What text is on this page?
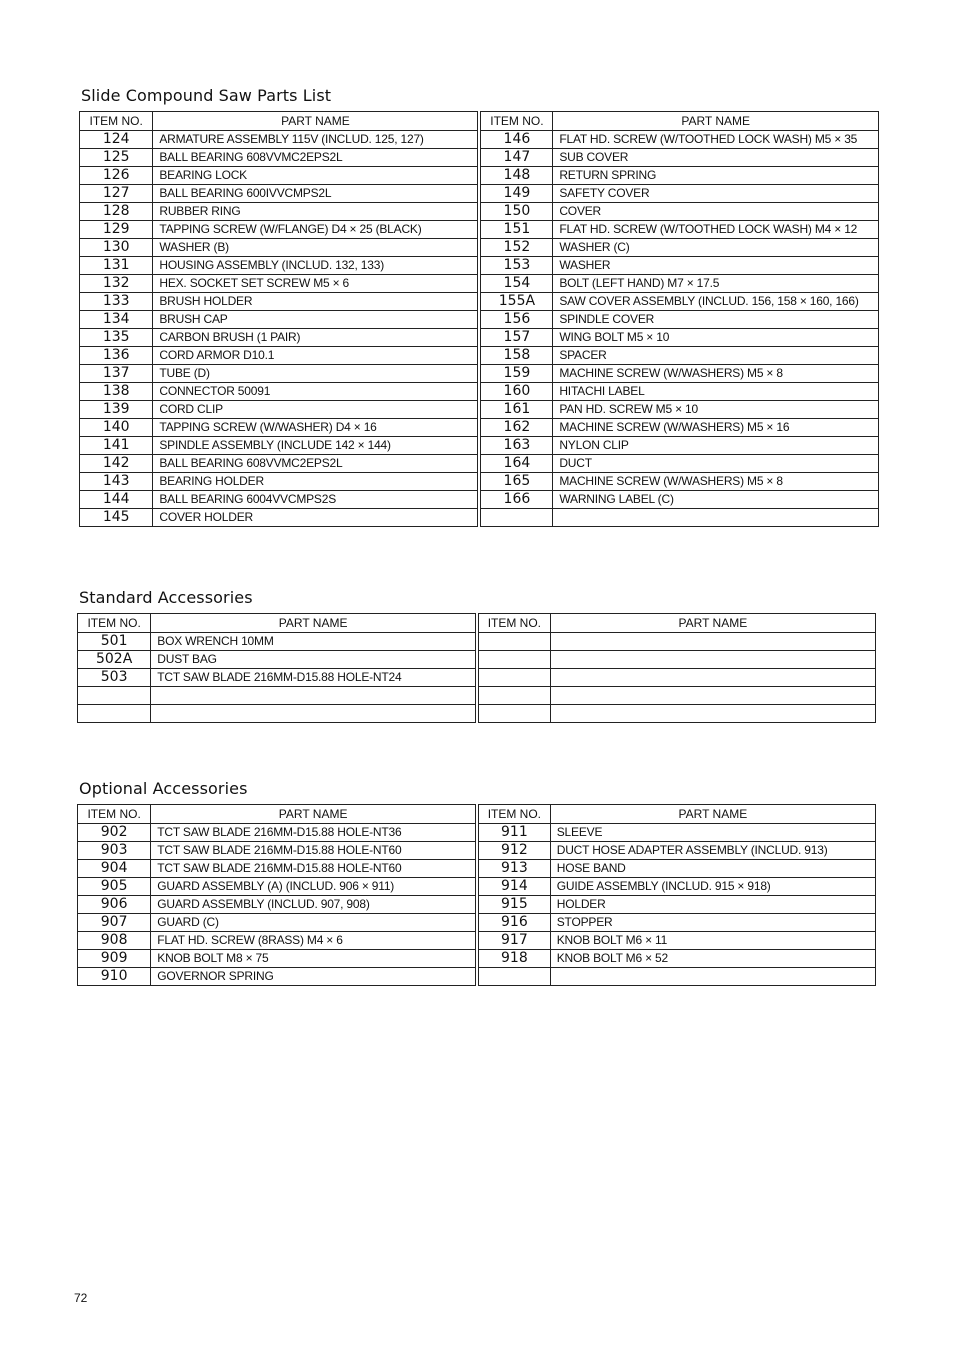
Slide Compound Saw Parts List
ITEM NO.	PART NAME	ITEM NO.	PART NAME
124	ARMATURE ASSEMBLY 115V (INCLUD. 125, 127)	146	FLAT HD. SCREW (W/TOOTHED LOCK WASH) M5 × 35
125	BALL BEARING 608VVMC2EPS2L	147	SUB COVER
126	BEARING LOCK	148	RETURN SPRING
127	BALL BEARING 600IVVCMPS2L	149	SAFETY COVER
128	RUBBER RING	150	COVER
129	TAPPING SCREW (W/FLANGE) D4 × 25 (BLACK)	151	FLAT HD. SCREW (W/TOOTHED LOCK WASH) M4 × 12
130	WASHER (B)	152	WASHER (C)
131	HOUSING ASSEMBLY (INCLUD. 132, 133)	153	WASHER
132	HEX. SOCKET SET SCREW M5 × 6	154	BOLT (LEFT HAND) M7 × 17.5
133	BRUSH HOLDER	155A	SAW COVER ASSEMBLY (INCLUD. 156, 158 × 160, 166)
134	BRUSH CAP	156	SPINDLE COVER
135	CARBON BRUSH (1 PAIR)	157	WING BOLT M5 × 10
136	CORD ARMOR D10.1	158	SPACER
137	TUBE (D)	159	MACHINE SCREW (W/WASHERS) M5 × 8
138	CONNECTOR 50091	160	HITACHI LABEL
139	CORD CLIP	161	PAN HD. SCREW M5 × 10
140	TAPPING SCREW (W/WASHER) D4 × 16	162	MACHINE SCREW (W/WASHERS) M5 × 16
141	SPINDLE ASSEMBLY (INCLUDE 142 × 144)	163	NYLON CLIP
142	BALL BEARING 608VVMC2EPS2L	164	DUCT
143	BEARING HOLDER	165	MACHINE SCREW (W/WASHERS) M5 × 8
144	BALL BEARING 6004VVCMPS2S	166	WARNING LABEL (C)
145	COVER HOLDER		
Standard Accessories
ITEM NO.	PART NAME	ITEM NO.	PART NAME
501	BOX WRENCH 10MM		
502A	DUST BAG		
503	TCT SAW BLADE 216MM-D15.88 HOLE-NT24		

Optional Accessories
ITEM NO.	PART NAME	ITEM NO.	PART NAME
902	TCT SAW BLADE 216MM-D15.88 HOLE-NT36	911	SLEEVE
903	TCT SAW BLADE 216MM-D15.88 HOLE-NT60	912	DUCT HOSE ADAPTER ASSEMBLY (INCLUD. 913)
904	TCT SAW BLADE 216MM-D15.88 HOLE-NT60	913	HOSE BAND
905	GUARD ASSEMBLY (A) (INCLUD. 906 × 911)	914	GUIDE ASSEMBLY (INCLUD. 915 × 918)
906	GUARD ASSEMBLY (INCLUD. 907, 908)	915	HOLDER
907	GUARD (C)	916	STOPPER
908	FLAT HD. SCREW (8RASS) M4 × 6	917	KNOB BOLT M6 × 11
909	KNOB BOLT M8 × 75	918	KNOB BOLT M6 × 52
910	GOVERNOR SPRING		
72
